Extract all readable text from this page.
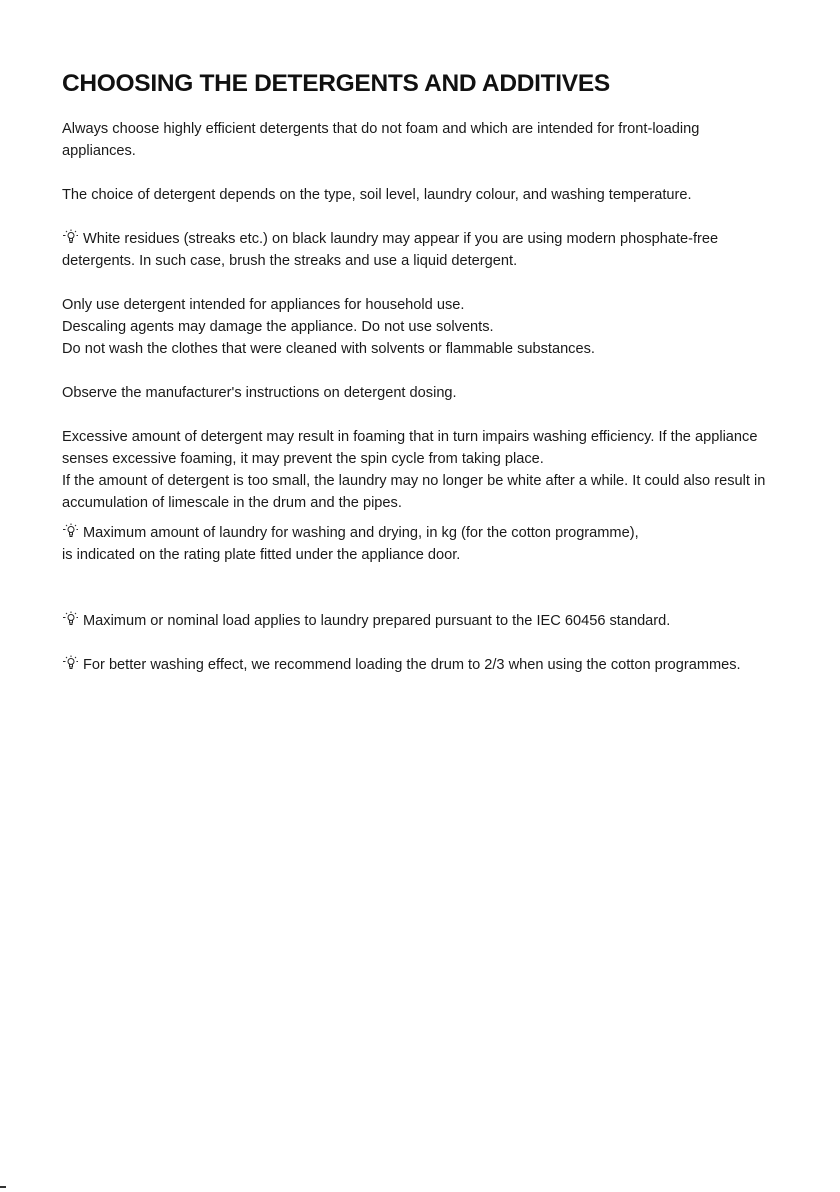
CHOOSING THE DETERGENTS AND ADDITIVES

Always choose highly efficient detergents that do not foam and which are intended for front-loading appliances.

The choice of detergent depends on the type, soil level, laundry colour, and washing temperature.

White residues (streaks etc.) on black laundry may appear if you are using modern phosphate-free detergents. In such case, brush the streaks and use a liquid detergent.

Only use detergent intended for appliances for household use.

Descaling agents may damage the appliance. Do not use solvents.

Do not wash the clothes that were cleaned with solvents or flammable substances.

Observe the manufacturer's instructions on detergent dosing.

Excessive amount of detergent may result in foaming that in turn impairs washing efficiency. If the appliance senses excessive foaming, it may prevent the spin cycle from taking place.

If the amount of detergent is too small, the laundry may no longer be white after a while. It could also result in accumulation of limescale in the drum and the pipes.

Maximum amount of laundry for washing and drying, in kg (for the cotton programme),

is indicated on the rating plate fitted under the appliance door.

Maximum or nominal load applies to laundry prepared pursuant to the IEC 60456 standard.

For better washing effect, we recommend loading the drum to 2/3 when using the cotton programmes.
